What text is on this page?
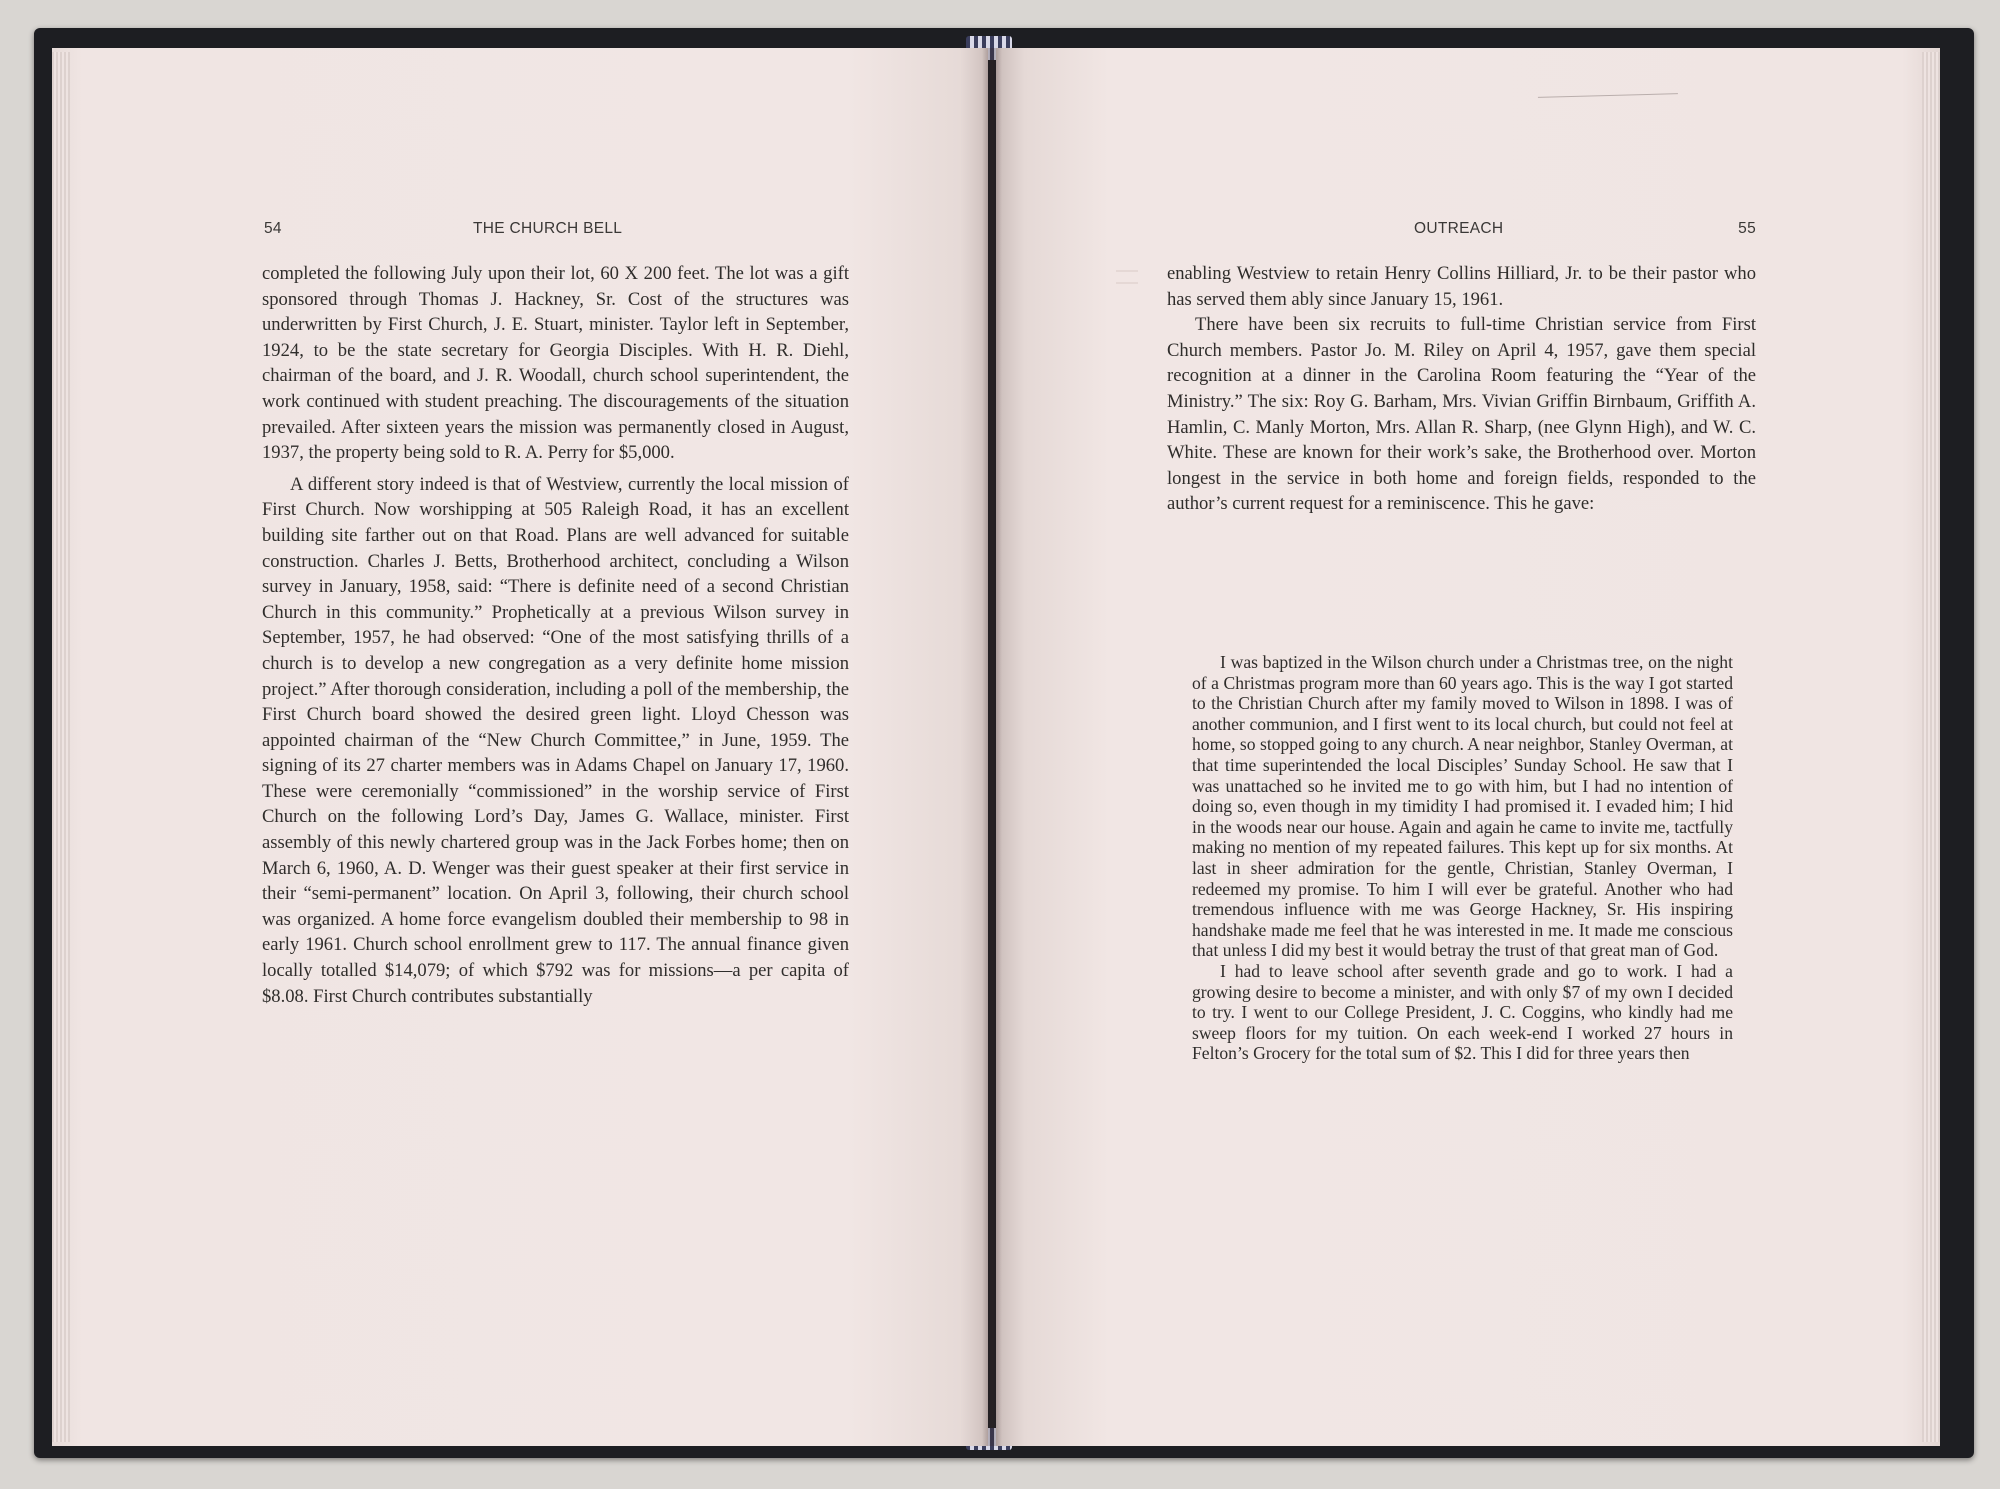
54	THE CHURCH BELL	OUTREACH	55

completed the following July upon their lot, 60 X 200 feet. The lot was a gift sponsored through Thomas J. Hackney, Sr. Cost of the structures was underwritten by First Church, J. E. Stuart, minister. Taylor left in September, 1924, to be the state secretary for Georgia Disciples. With H. R. Diehl, chairman of the board, and J. R. Woodall, church school superintendent, the work continued with student preaching. The discouragements of the situation prevailed. After sixteen years the mission was permanently closed in August, 1937, the property being sold to R. A. Perry for $5,000.

A different story indeed is that of Westview, currently the local mission of First Church. Now worshipping at 505 Raleigh Road, it has an excellent building site farther out on that Road. Plans are well advanced for suitable construction. Charles J. Betts, Brotherhood architect, concluding a Wilson survey in January, 1958, said: “There is definite need of a second Christian Church in this community.” Prophetically at a previous Wilson survey in September, 1957, he had observed: “One of the most satisfying thrills of a church is to develop a new congregation as a very definite home mission project.” After thorough consideration, including a poll of the membership, the First Church board showed the desired green light. Lloyd Chesson was appointed chairman of the “New Church Committee,” in June, 1959. The signing of its 27 charter members was in Adams Chapel on January 17, 1960. These were ceremonially “commissioned” in the worship service of First Church on the following Lord’s Day, James G. Wallace, minister. First assembly of this newly chartered group was in the Jack Forbes home; then on March 6, 1960, A. D. Wenger was their guest speaker at their first service in their “semi-permanent” location. On April 3, following, their church school was organized. A home force evangelism doubled their membership to 98 in early 1961. Church school enrollment grew to 117. The annual finance given locally totalled $14,079; of which $792 was for missions—a per capita of $8.08. First Church contributes substantially

enabling Westview to retain Henry Collins Hilliard, Jr. to be their pastor who has served them ably since January 15, 1961.

There have been six recruits to full-time Christian service from First Church members. Pastor Jo. M. Riley on April 4, 1957, gave them special recognition at a dinner in the Carolina Room featuring the “Year of the Ministry.” The six: Roy G. Barham, Mrs. Vivian Griffin Birnbaum, Griffith A. Hamlin, C. Manly Morton, Mrs. Allan R. Sharp, (nee Glynn High), and W. C. White. These are known for their work’s sake, the Brotherhood over. Morton longest in the service in both home and foreign fields, responded to the author’s current request for a reminiscence. This he gave:

I was baptized in the Wilson church under a Christmas tree, on the night of a Christmas program more than 60 years ago. This is the way I got started to the Christian Church after my family moved to Wilson in 1898. I was of another communion, and I first went to its local church, but could not feel at home, so stopped going to any church. A near neighbor, Stanley Overman, at that time superintended the local Disciples’ Sunday School. He saw that I was unattached so he invited me to go with him, but I had no intention of doing so, even though in my timidity I had promised it. I evaded him; I hid in the woods near our house. Again and again he came to invite me, tactfully making no mention of my repeated failures. This kept up for six months. At last in sheer admiration for the gentle, Christian, Stanley Overman, I redeemed my promise. To him I will ever be grateful. Another who had tremendous influence with me was George Hackney, Sr. His inspiring handshake made me feel that he was interested in me. It made me conscious that unless I did my best it would betray the trust of that great man of God.

I had to leave school after seventh grade and go to work. I had a growing desire to become a minister, and with only $7 of my own I decided to try. I went to our College President, J. C. Coggins, who kindly had me sweep floors for my tuition. On each week-end I worked 27 hours in Felton’s Grocery for the total sum of $2. This I did for three years then
